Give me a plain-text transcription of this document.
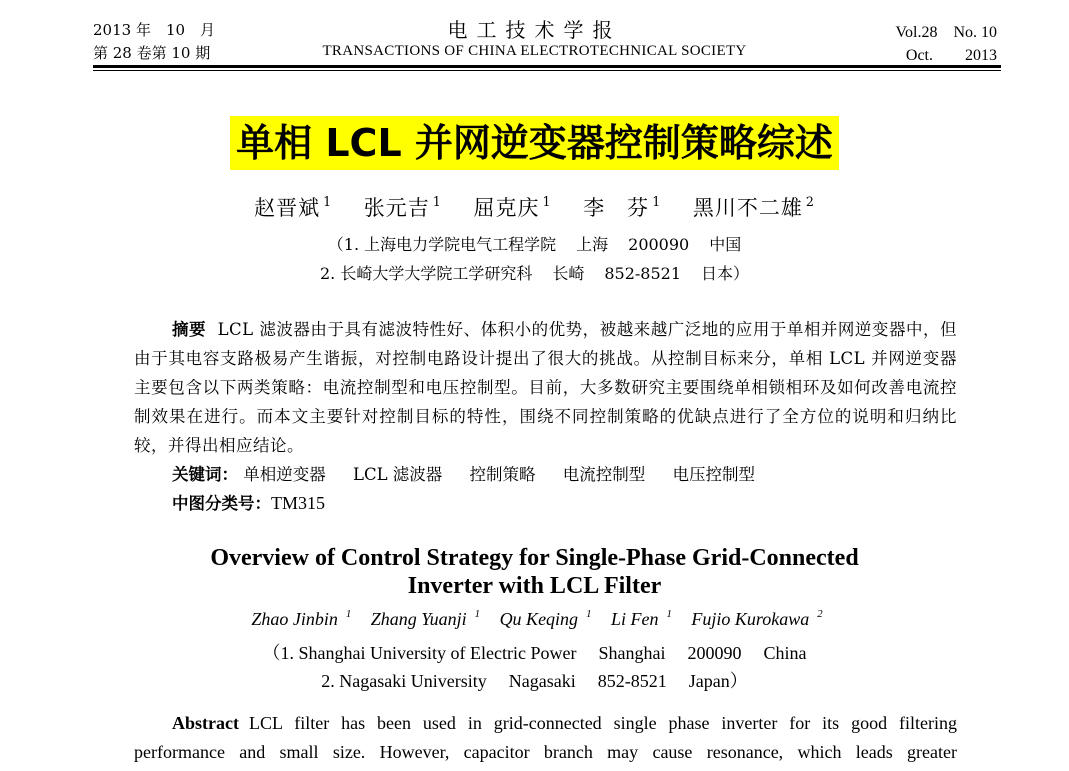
2013 年　10　月
第 28 卷第 10 期
电工技术学报
TRANSACTIONS OF CHINA ELECTROTECHNICAL SOCIETY
Vol.28　No. 10
Oct.　　2013
单相 LCL 并网逆变器控制策略综述
赵晋斌 $^1$ 张元吉 $^1$ 屈克庆 $^1$ 李　芬 $^1$ 黑川不二雄 $^2$
（1. 上海电力学院电气工程学院 上海 200090 中国
2. 长崎大学大学院工学研究科 长崎 852-8521 日本）
摘要 LCL 滤波器由于具有滤波特性好、体积小的优势，被越来越广泛地的应用于单相并网逆变器中，但由于其电容支路极易产生谐振，对控制电路设计提出了很大的挑战。从控制目标来分，单相 LCL 并网逆变器主要包含以下两类策略：电流控制型和电压控制型。目前，大多数研究主要围绕单相锁相环及如何改善电流控制效果在进行。而本文主要针对控制目标的特性，围绕不同控制策略的优缺点进行了全方位的说明和归纳比较，并得出相应结论。
关键词： 单相逆变器 LCL 滤波器 控制策略 电流控制型 电压控制型
中图分类号：TM315
Overview of Control Strategy for Single-Phase Grid-Connected
Inverter with LCL Filter
Zhao Jinbin $^1$ Zhang Yuanji $^1$ Qu Keqing $^1$ Li Fen $^1$ Fujio Kurokawa $^2$
（1. Shanghai University of Electric Power Shanghai 200090 China
2. Nagasaki University Nagasaki 852-8521 Japan）
Abstract LCL filter has been used in grid-connected single phase inverter for its good filtering
performance and small size. However, capacitor branch may cause resonance, which leads greater
